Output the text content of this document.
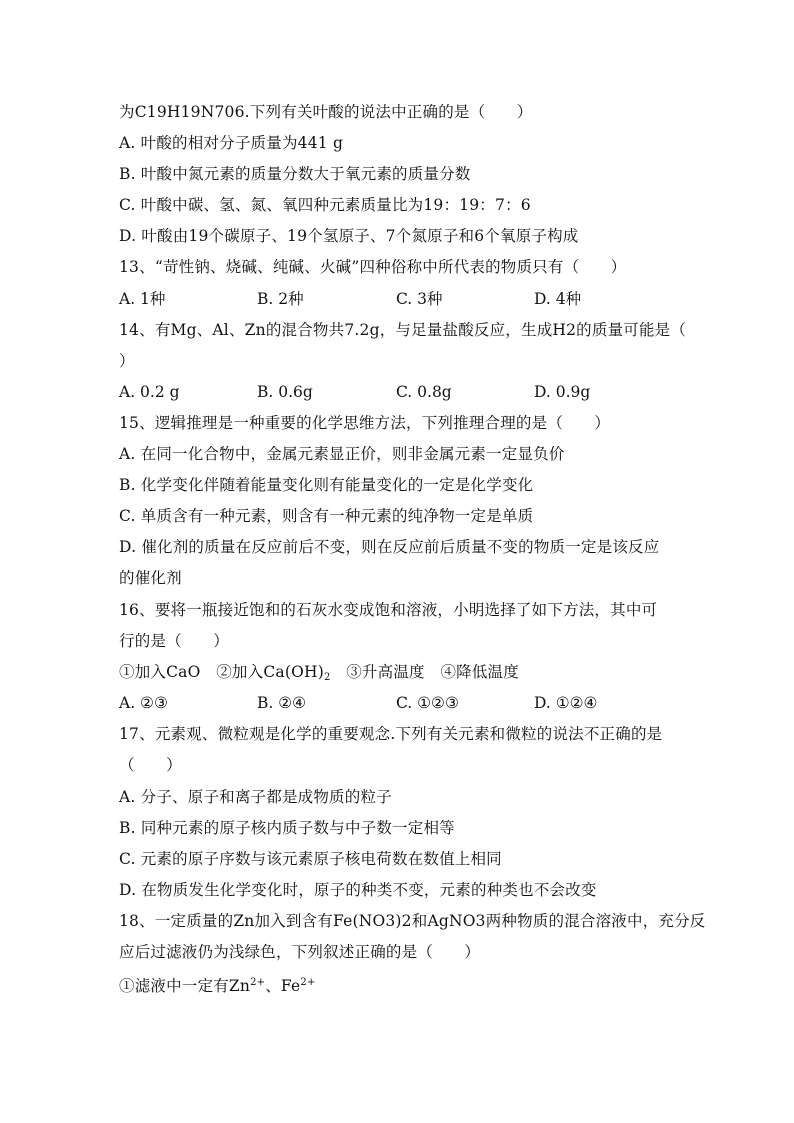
为C19H19N706.下列有关叶酸的说法中正确的是（　　）
A. 叶酸的相对分子质量为441 g
B. 叶酸中氮元素的质量分数大于氧元素的质量分数
C. 叶酸中碳、氢、氮、氧四种元素质量比为19：19：7：6
D. 叶酸由19个碳原子、19个氢原子、7个氮原子和6个氧原子构成
13、“苛性钠、烧碱、纯碱、火碱”四种俗称中所代表的物质只有（　　）
A. 1种	B. 2种	C. 3种	D. 4种
14、有Mg、Al、Zn的混合物共7.2g，与足量盐酸反应，生成H2的质量可能是（
）
A. 0.2 g	B. 0.6g	C. 0.8g	D. 0.9g
15、逻辑推理是一种重要的化学思维方法，下列推理合理的是（　　）
A. 在同一化合物中，金属元素显正价，则非金属元素一定显负价
B. 化学变化伴随着能量变化则有能量变化的一定是化学变化
C. 单质含有一种元素，则含有一种元素的纯净物一定是单质
D. 催化剂的质量在反应前后不变，则在反应前后质量不变的物质一定是该反应
的催化剂
16、要将一瓶接近饱和的石灰水变成饱和溶液，小明选择了如下方法，其中可
行的是（　　）
①加入CaO　 ②加入Ca(OH)2　 ③升高温度　 ④降低温度
A. ②③	B. ②④	C. ①②③	D. ①②④
17、元素观、微粒观是化学的重要观念.下列有关元素和微粒的说法不正确的是
（　　）
A. 分子、原子和离子都是成物质的粒子
B. 同种元素的原子核内质子数与中子数一定相等
C. 元素的原子序数与该元素原子核电荷数在数值上相同
D. 在物质发生化学变化时，原子的种类不变，元素的种类也不会改变
18、一定质量的Zn加入到含有Fe(NO3)2和AgNO3两种物质的混合溶液中，充分反
应后过滤液仍为浅绿色，下列叙述正确的是（　　）
①滤液中一定有$Zn^{2+}$、$Fe^{2+}$
